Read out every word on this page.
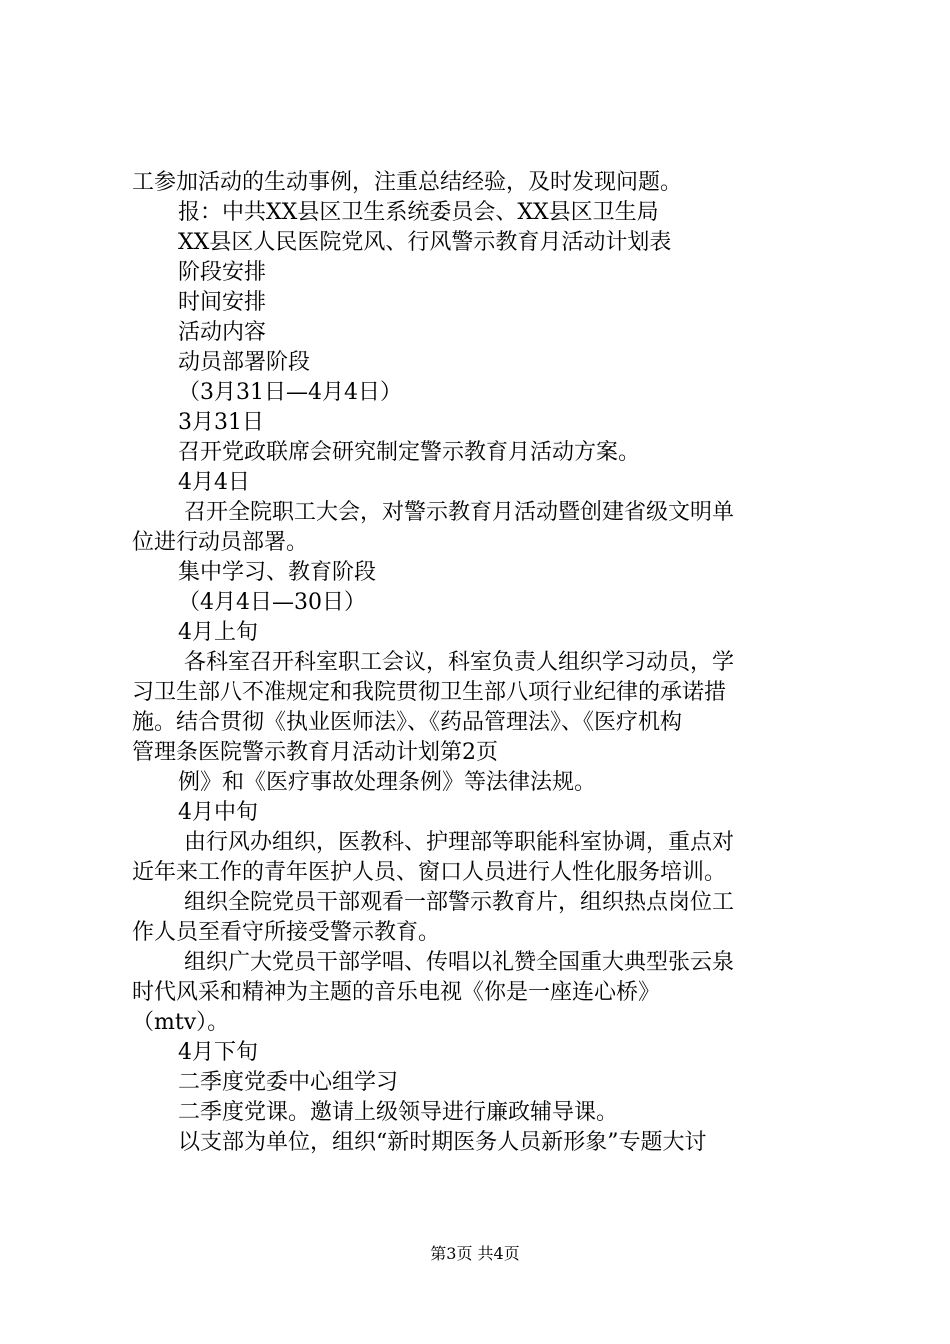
工参加活动的生动事例，注重总结经验，及时发现问题。
报：中共XX县区卫生系统委员会、XX县区卫生局
XX县区人民医院党风、行风警示教育月活动计划表
阶段安排
时间安排
活动内容
动员部署阶段
（3月31日—4月4日）
3月31日
召开党政联席会研究制定警示教育月活动方案。
4月4日
召开全院职工大会，对警示教育月活动暨创建省级文明单
位进行动员部署。
集中学习、教育阶段
（4月4日—30日）
4月上旬
各科室召开科室职工会议，科室负责人组织学习动员，学
习卫生部八不准规定和我院贯彻卫生部八项行业纪律的承诺措
施。结合贯彻《执业医师法》、《药品管理法》、《医疗机构
管理条医院警示教育月活动计划第2页
例》和《医疗事故处理条例》等法律法规。
4月中旬
由行风办组织，医教科、护理部等职能科室协调，重点对
近年来工作的青年医护人员、窗口人员进行人性化服务培训。
组织全院党员干部观看一部警示教育片，组织热点岗位工
作人员至看守所接受警示教育。
组织广大党员干部学唱、传唱以礼赞全国重大典型张云泉
时代风采和精神为主题的音乐电视《你是一座连心桥》
（mtv）。
4月下旬
二季度党委中心组学习
二季度党课。邀请上级领导进行廉政辅导课。
以支部为单位，组织“新时期医务人员新形象”专题大讨
第3页 共4页
